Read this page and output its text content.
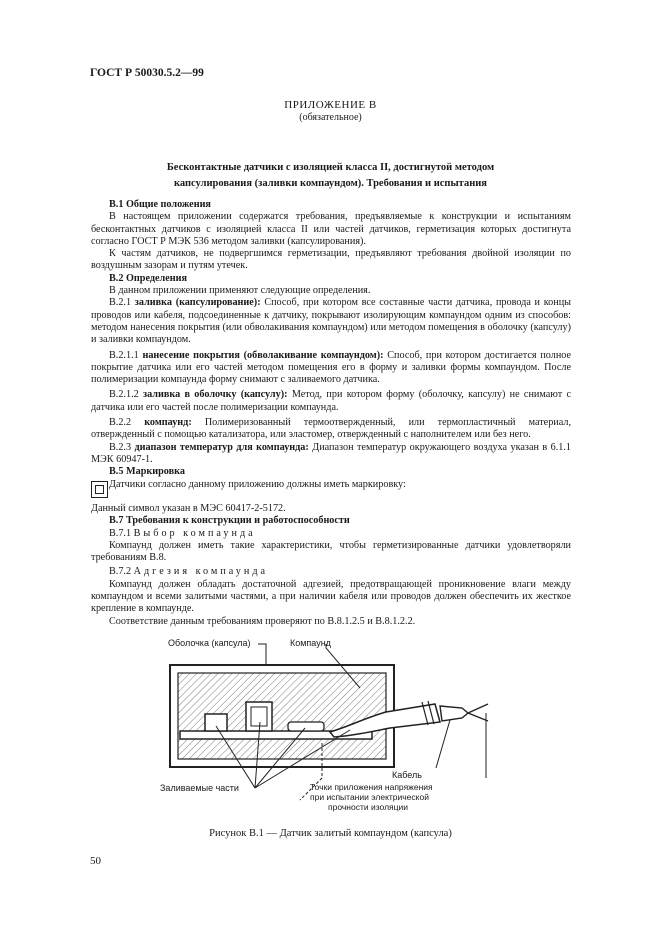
ГОСТ Р 50030.5.2—99
ПРИЛОЖЕНИЕ В
(обязательное)
Бесконтактные датчики с изоляцией класса II, достигнутой методом
капсулирования (заливки компаундом). Требования и испытания

В.1 Общие положения

В настоящем приложении содержатся требования, предъявляемые к конструкции и испытаниям бесконтактных датчиков с изоляцией класса II или частей датчиков, герметизация которых достигнута согласно ГОСТ Р МЭК 536 методом заливки (капсулирования).

К частям датчиков, не подвергшимся герметизации, предъявляют требования двойной изоляции по воздушным зазорам и путям утечек.

В.2 Определения

В данном приложении применяют следующие определения.

В.2.1 заливка (капсулирование): Способ, при котором все составные части датчика, провода и концы проводов или кабеля, подсоединенные к датчику, покрывают изолирующим компаундом одним из способов: методом нанесения покрытия (или обволакивания компаундом) или методом помещения в оболочку (капсулу) и заливки компаундом.

В.2.1.1 нанесение покрытия (обволакивание компаундом): Способ, при котором достигается полное покрытие датчика или его частей методом помещения его в форму и заливки формы компаундом. После полимеризации компаунда форму снимают с заливаемого датчика.

В.2.1.2 заливка в оболочку (капсулу): Метод, при котором форму (оболочку, капсулу) не снимают с датчика или его частей после полимеризации компаунда.

В.2.2 компаунд: Полимеризованный термоотвержденный, или термопластичный материал, отвержденный с помощью катализатора, или эластомер, отвержденный с наполнителем или без него.

В.2.3 диапазон температур для компаунда: Диапазон температур окружающего воздуха указан в 6.1.1 МЭК 60947-1.

В.5 Маркировка

Датчики согласно данному приложению должны иметь маркировку:

Данный символ указан в МЭС 60417-2-5172.

В.7 Требования к конструкции и работоспособности

В.7.1 Выбор компаунда

Компаунд должен иметь такие характеристики, чтобы герметизированные датчики удовлетворяли требованиям В.8.

В.7.2 Адгезия компаунда

Компаунд должен обладать достаточной адгезией, предотвращающей проникновение влаги между компаундом и всеми залитыми частями, а при наличии кабеля или проводов должен обеспечить их жесткое крепление в компаунде.

Соответствие данным требованиям проверяют по В.8.1.2.5 и В.8.1.2.2.

Оболочка (капсула)	Компаунд
Заливаемые части
Кабель
Точки приложения напряжения
при испытании электрической
прочности изоляции
Рисунок В.1 — Датчик залитый компаундом (капсула)
50
